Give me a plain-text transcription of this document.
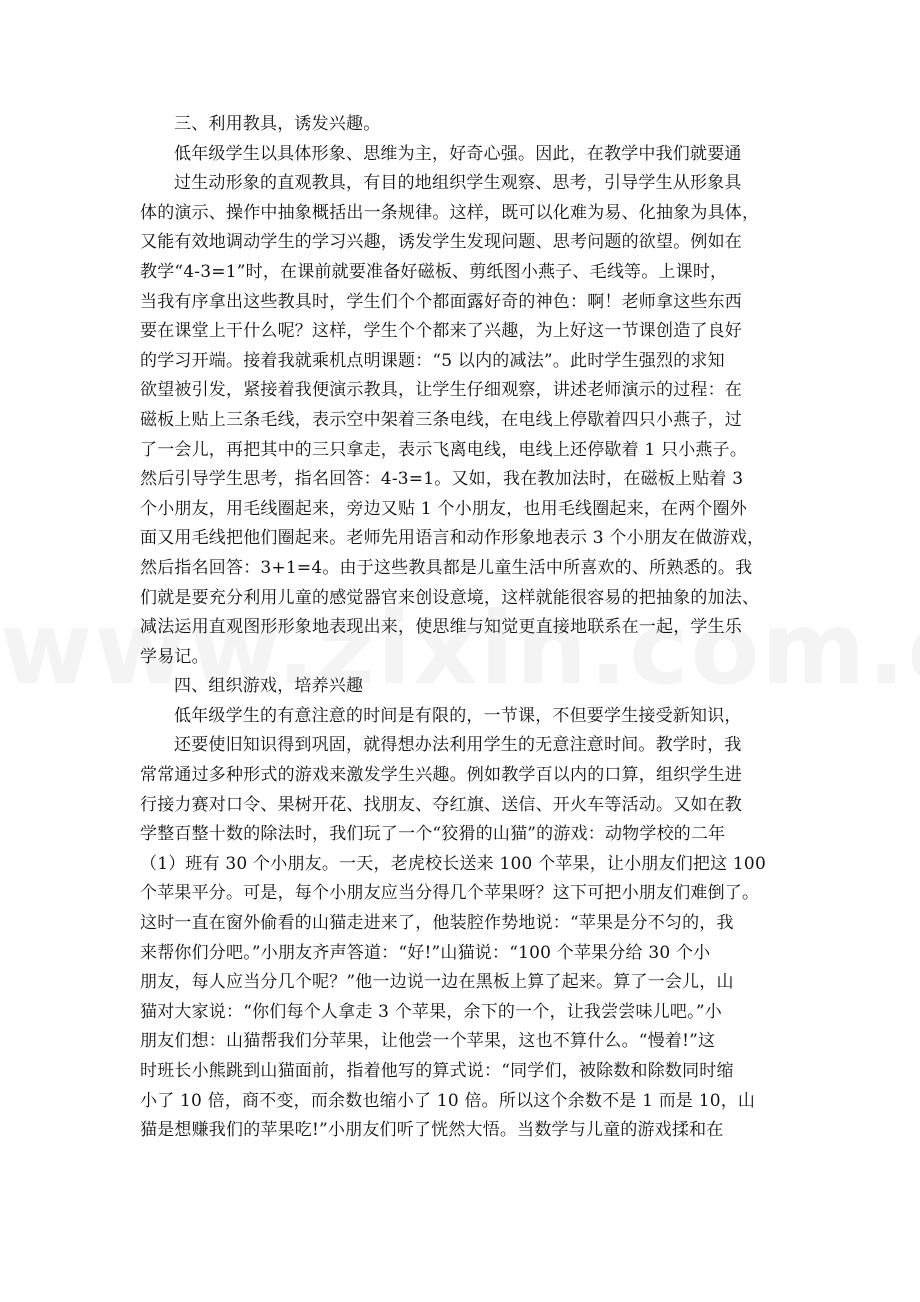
三、利用教具，诱发兴趣。
低年级学生以具体形象、思维为主，好奇心强。因此，在教学中我们就要通
过生动形象的直观教具，有目的地组织学生观察、思考，引导学生从形象具
体的演示、操作中抽象概括出一条规律。这样，既可以化难为易、化抽象为具体，
又能有效地调动学生的学习兴趣，诱发学生发现问题、思考问题的欲望。例如在
教学“4-3=1”时，在课前就要准备好磁板、剪纸图小燕子、毛线等。上课时，
当我有序拿出这些教具时，学生们个个都面露好奇的神色：啊！老师拿这些东西
要在课堂上干什么呢？这样，学生个个都来了兴趣，为上好这一节课创造了良好
的学习开端。接着我就乘机点明课题：“5 以内的减法”。此时学生强烈的求知
欲望被引发，紧接着我便演示教具，让学生仔细观察，讲述老师演示的过程：在
磁板上贴上三条毛线，表示空中架着三条电线，在电线上停歇着四只小燕子，过
了一会儿，再把其中的三只拿走，表示飞离电线，电线上还停歇着 1 只小燕子。
然后引导学生思考，指名回答：4-3=1。又如，我在教加法时，在磁板上贴着 3
个小朋友，用毛线圈起来，旁边又贴 1 个小朋友，也用毛线圈起来，在两个圈外
面又用毛线把他们圈起来。老师先用语言和动作形象地表示 3 个小朋友在做游戏，
然后指名回答：3+1=4。由于这些教具都是儿童生活中所喜欢的、所熟悉的。我
们就是要充分利用儿童的感觉器官来创设意境，这样就能很容易的把抽象的加法、
减法运用直观图形形象地表现出来，使思维与知觉更直接地联系在一起，学生乐
学易记。
四、组织游戏，培养兴趣
低年级学生的有意注意的时间是有限的，一节课，不但要学生接受新知识，
还要使旧知识得到巩固，就得想办法利用学生的无意注意时间。教学时，我
常常通过多种形式的游戏来激发学生兴趣。例如教学百以内的口算，组织学生进
行接力赛对口令、果树开花、找朋友、夺红旗、送信、开火车等活动。又如在教
学整百整十数的除法时，我们玩了一个“狡猾的山猫”的游戏：动物学校的二年
（1）班有 30 个小朋友。一天，老虎校长送来 100 个苹果，让小朋友们把这 100
个苹果平分。可是，每个小朋友应当分得几个苹果呀？这下可把小朋友们难倒了。
这时一直在窗外偷看的山猫走进来了，他装腔作势地说：“苹果是分不匀的，我
来帮你们分吧。”小朋友齐声答道：“好!”山猫说：“100 个苹果分给 30 个小
朋友，每人应当分几个呢？”他一边说一边在黑板上算了起来。算了一会儿，山
猫对大家说：“你们每个人拿走 3 个苹果，余下的一个，让我尝尝味儿吧。”小
朋友们想：山猫帮我们分苹果，让他尝一个苹果，这也不算什么。“慢着!”这
时班长小熊跳到山猫面前，指着他写的算式说：“同学们，被除数和除数同时缩
小了 10 倍，商不变，而余数也缩小了 10 倍。所以这个余数不是 1 而是 10，山
猫是想赚我们的苹果吃!”小朋友们听了恍然大悟。当数学与儿童的游戏揉和在
